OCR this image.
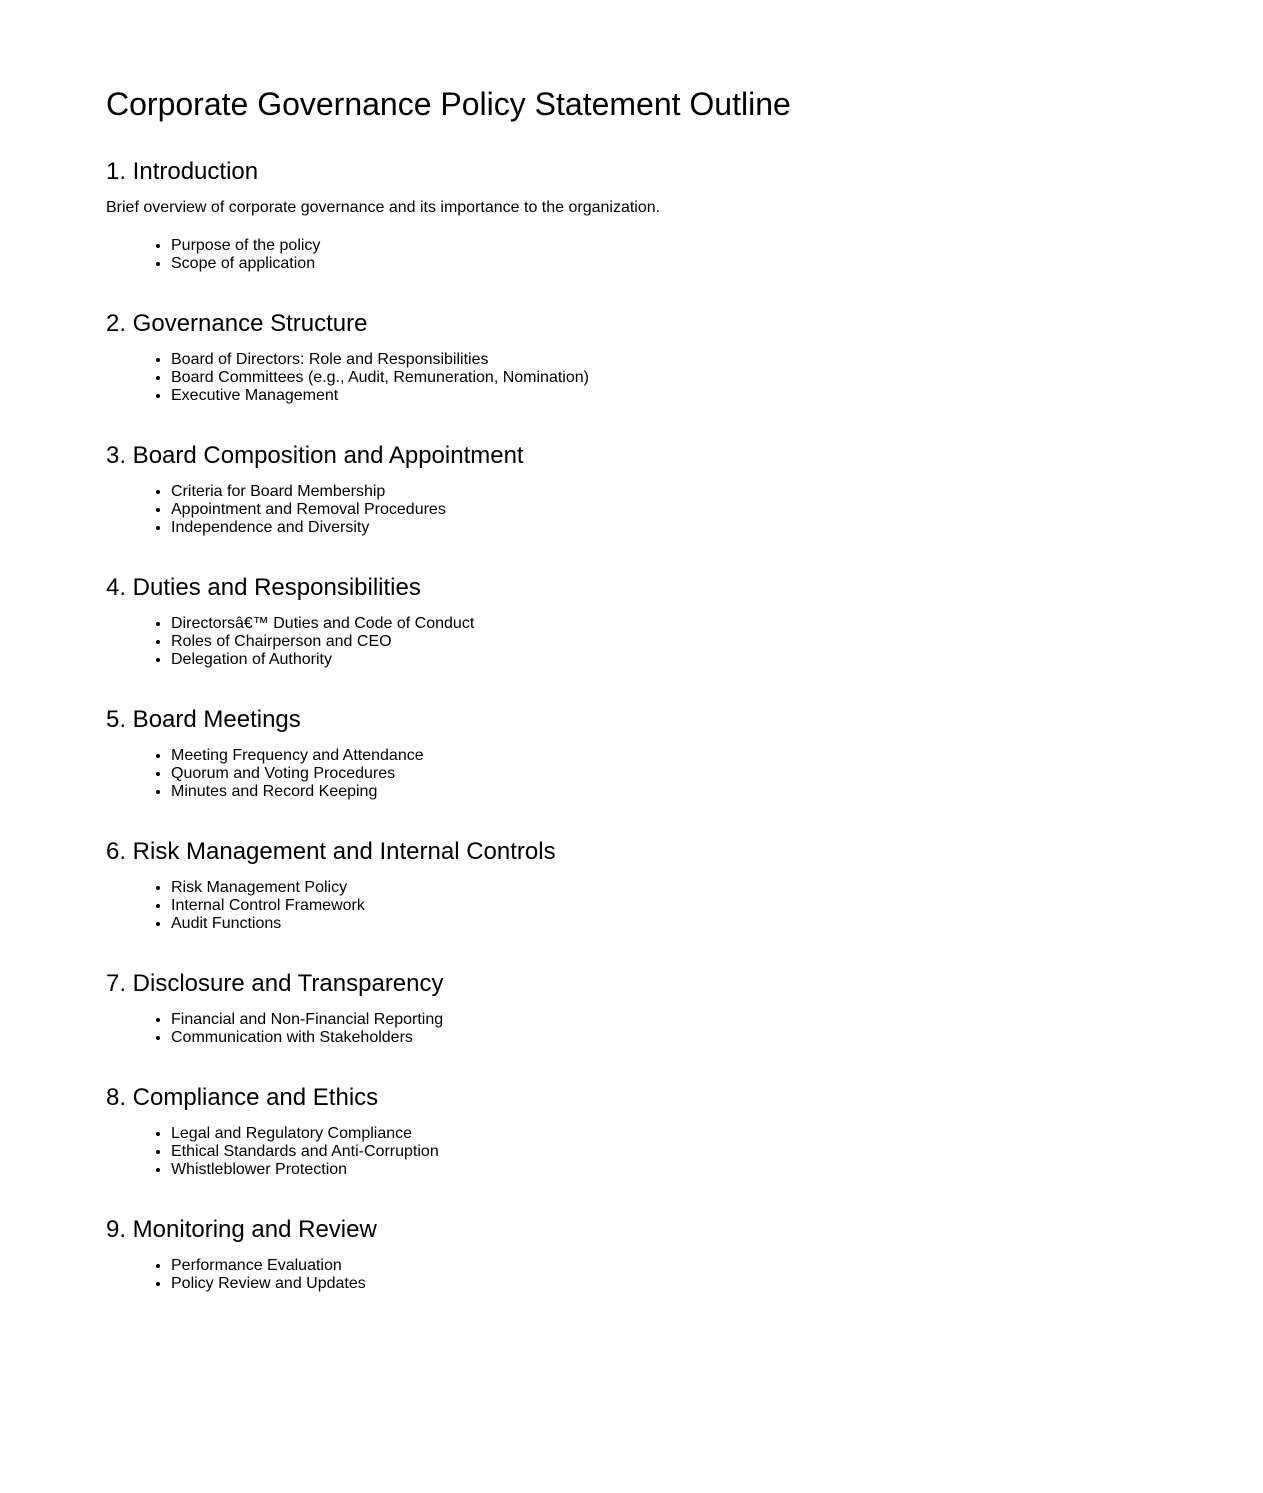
Corporate Governance Policy Statement Outline
1. Introduction

Brief overview of corporate governance and its importance to the organization.

• Purpose of the policy
• Scope of application
2. Governance Structure
• Board of Directors: Role and Responsibilities
• Board Committees (e.g., Audit, Remuneration, Nomination)
• Executive Management
3. Board Composition and Appointment
• Criteria for Board Membership
• Appointment and Removal Procedures
• Independence and Diversity
4. Duties and Responsibilities
• Directorsâ€™ Duties and Code of Conduct
• Roles of Chairperson and CEO
• Delegation of Authority
5. Board Meetings
• Meeting Frequency and Attendance
• Quorum and Voting Procedures
• Minutes and Record Keeping
6. Risk Management and Internal Controls
• Risk Management Policy
• Internal Control Framework
• Audit Functions
7. Disclosure and Transparency
• Financial and Non-Financial Reporting
• Communication with Stakeholders
8. Compliance and Ethics
• Legal and Regulatory Compliance
• Ethical Standards and Anti-Corruption
• Whistleblower Protection
9. Monitoring and Review
• Performance Evaluation
• Policy Review and Updates
